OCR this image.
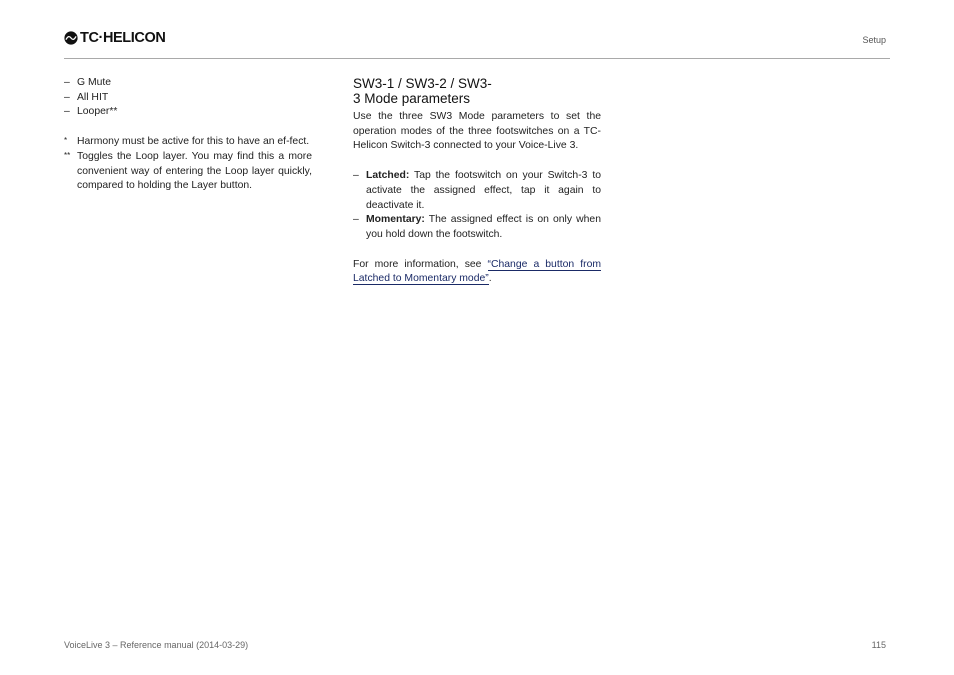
TC·HELICON	Setup
– G Mute
– All HIT
– Looper**
* Harmony must be active for this to have an ef-fect.
** Toggles the Loop layer. You may find this a more convenient way of entering the Loop layer quickly, compared to holding the Layer button.
SW3-1 / SW3-2 / SW3-
3 Mode parameters

Use the three SW3 Mode parameters to set the operation modes of the three footswitches on a TC-Helicon Switch-3 connected to your Voice-Live 3.

– Latched: Tap the footswitch on your Switch-3 to activate the assigned effect, tap it again to deactivate it.
– Momentary: The assigned effect is on only when you hold down the footswitch.

For more information, see “Change a button from Latched to Momentary mode”.

VoiceLive 3 – Reference manual (2014-03-29)	115
